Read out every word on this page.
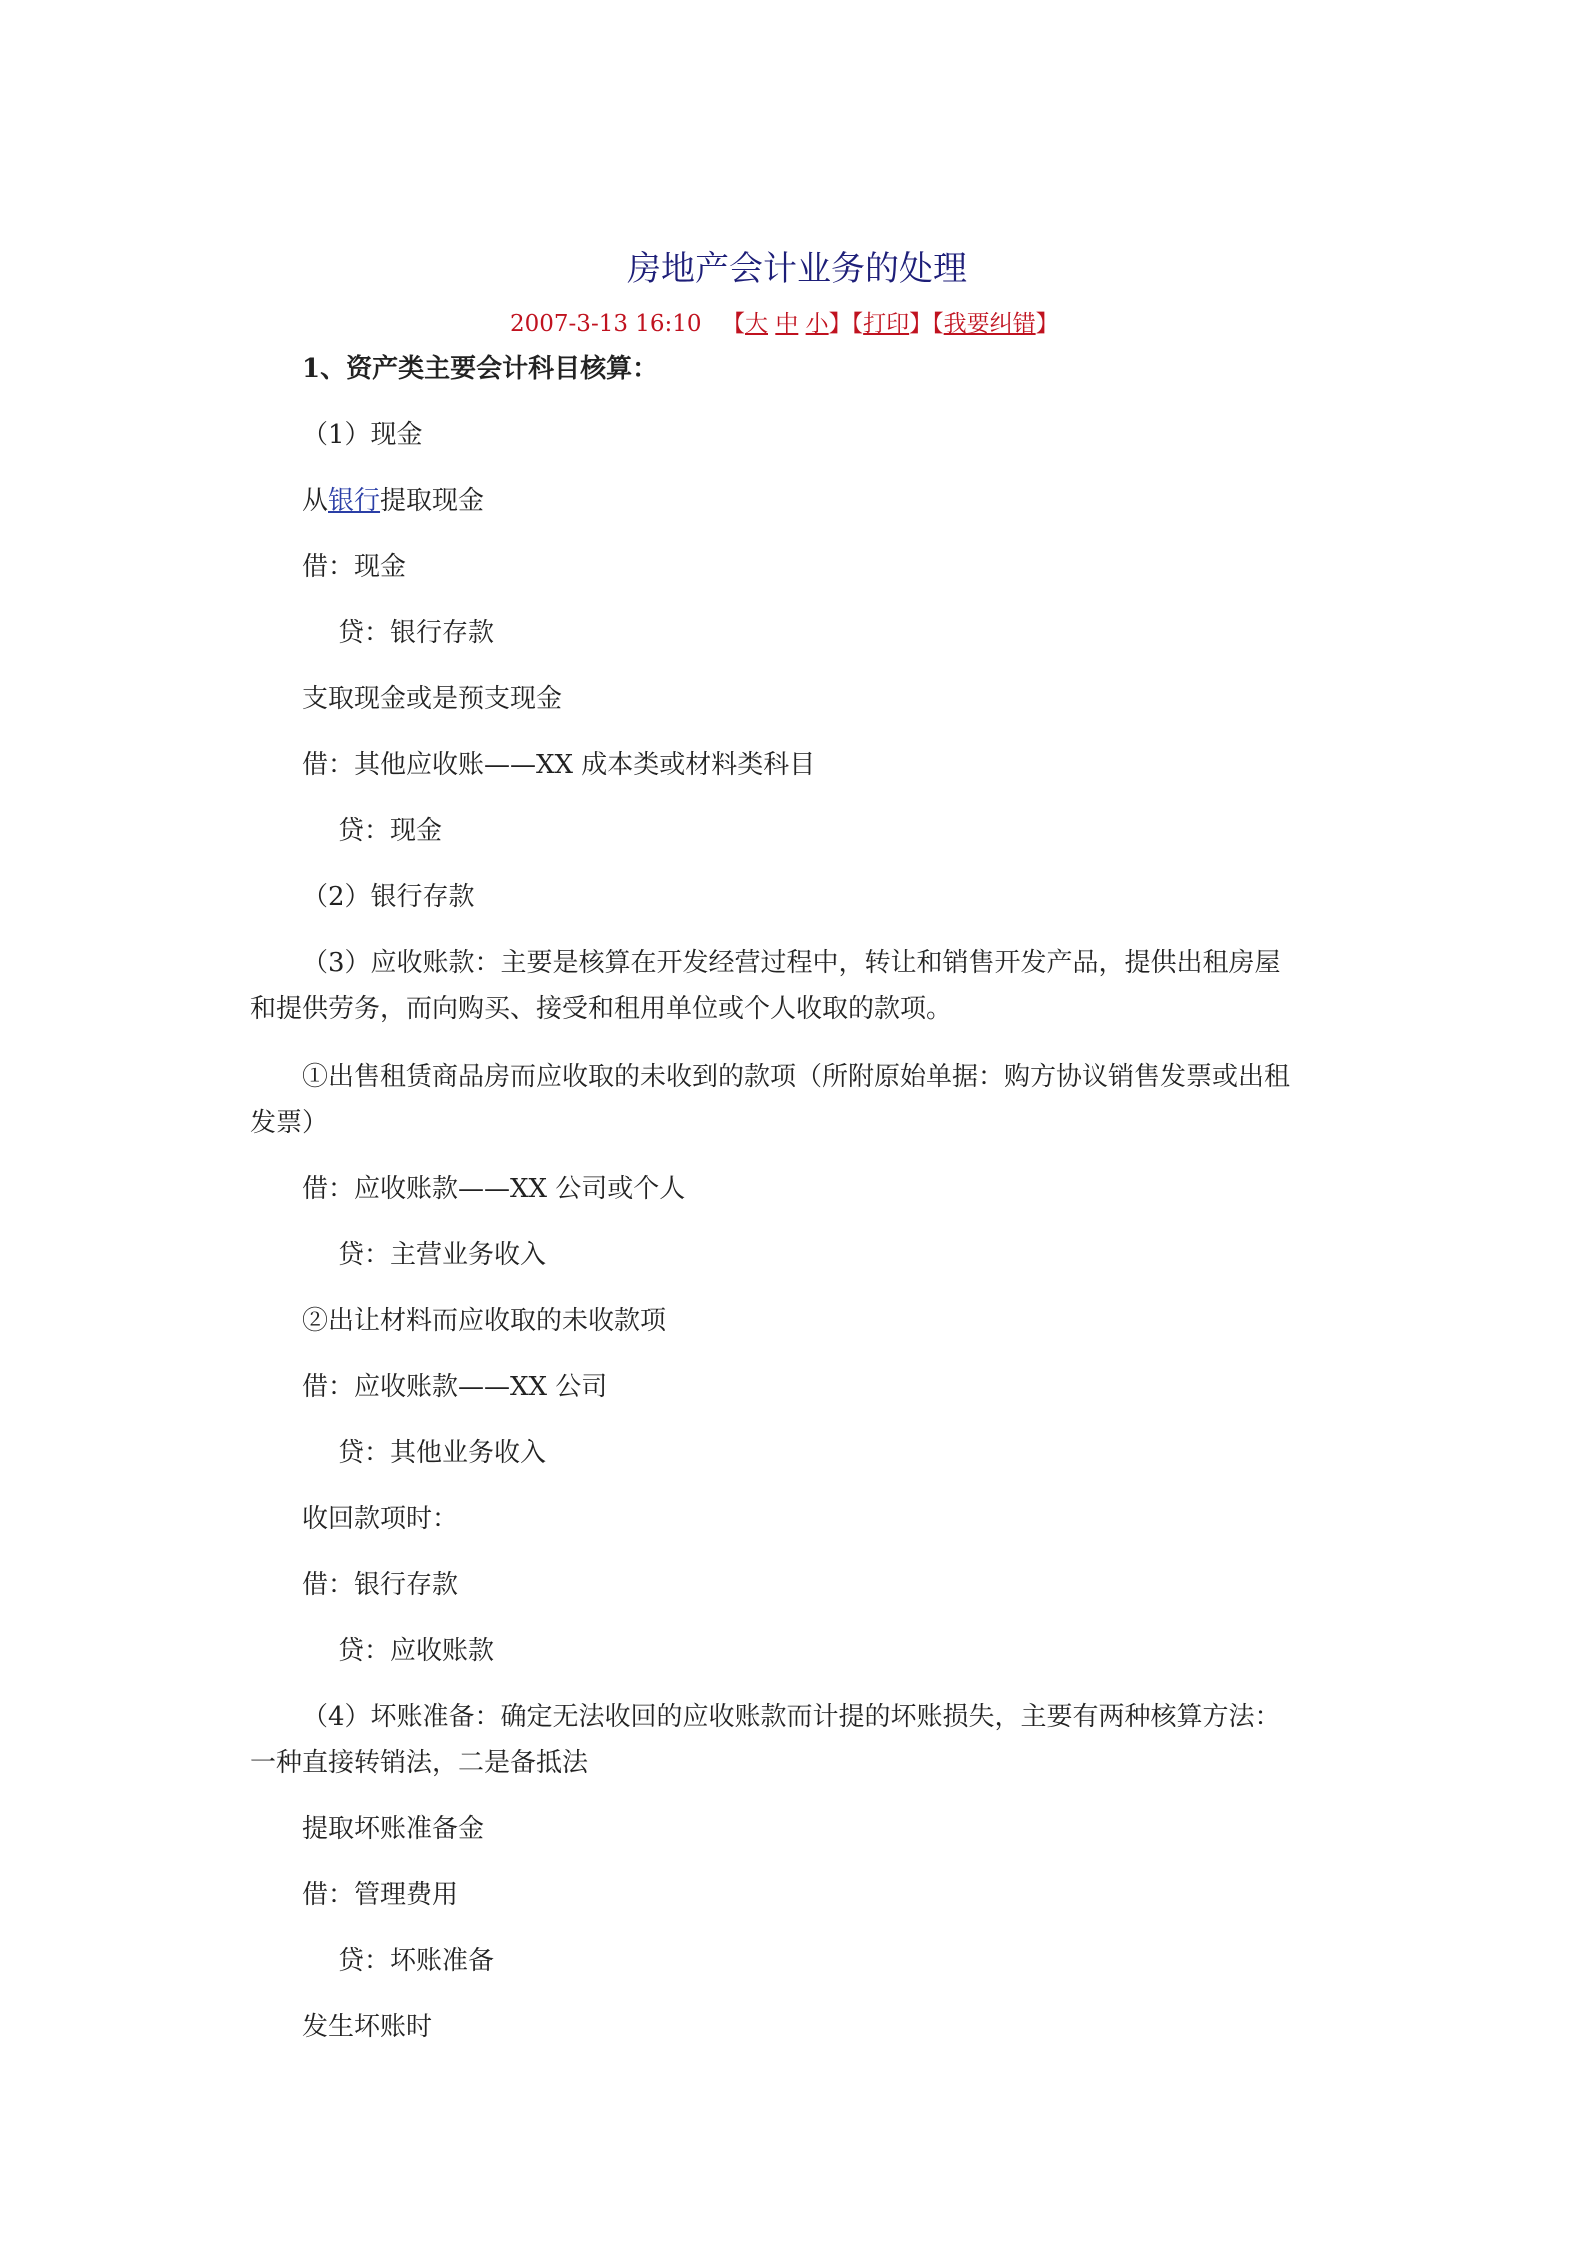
房地产会计业务的处理
2007-3-13 16:10 【大 中 小】【打印】【我要纠错】
1、资产类主要会计科目核算：
（1）现金
从银行提取现金
借：现金
贷：银行存款
支取现金或是预支现金
借：其他应收账——XX 成本类或材料类科目
贷：现金
（2）银行存款

（3）应收账款：主要是核算在开发经营过程中，转让和销售开发产品，提供出租房屋

和提供劳务，而向购买、接受和租用单位或个人收取的款项。

①出售租赁商品房而应收取的未收到的款项（所附原始单据：购方协议销售发票或出租

发票）

借：应收账款——XX 公司或个人
贷：主营业务收入
②出让材料而应收取的未收款项
借：应收账款——XX 公司
贷：其他业务收入
收回款项时：
借：银行存款
贷：应收账款

（4）坏账准备：确定无法收回的应收账款而计提的坏账损失，主要有两种核算方法：

一种直接转销法，二是备抵法

提取坏账准备金
借：管理费用
贷：坏账准备
发生坏账时
